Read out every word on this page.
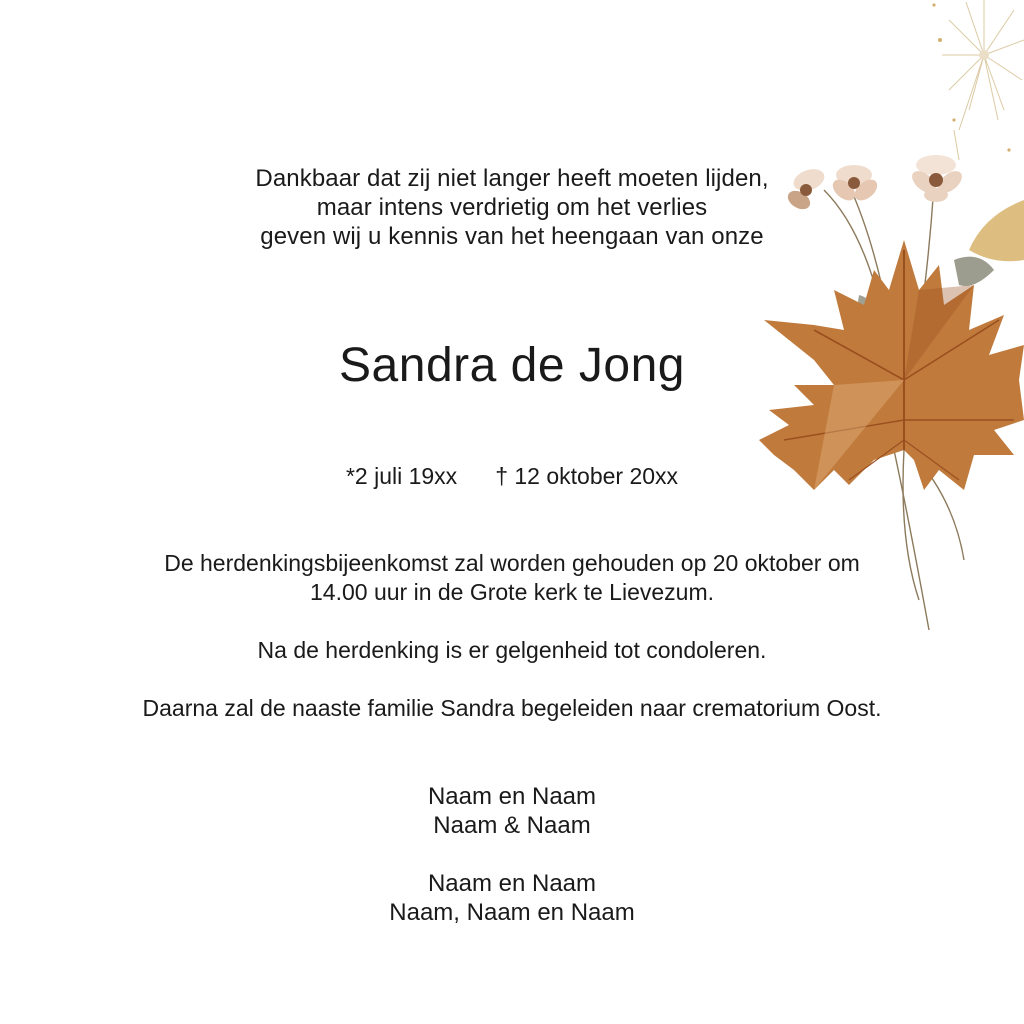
Dankbaar dat zij niet langer heeft moeten lijden,
maar intens verdrietig om het verlies
geven wij u kennis van het heengaan van onze
Sandra de Jong
*2 juli 19xx † 12 oktober 20xx
De herdenkingsbijeenkomst zal worden gehouden op 20 oktober om
14.00 uur in de Grote kerk te Lievezum.
Na de herdenking is er gelgenheid tot condoleren.
Daarna zal de naaste familie Sandra begeleiden naar crematorium Oost.
Naam en Naam
Naam & Naam
Naam en Naam
Naam, Naam en Naam
